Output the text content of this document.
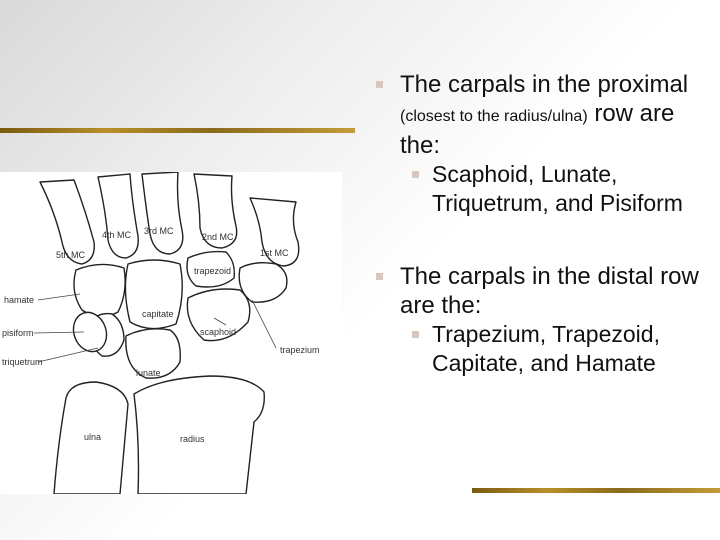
4th MC 3rd MC
2nd MC
1st MC
5th MC
trapezoid
hamate
capitate
pisiform	scaphoid
trapezium
triquetrum
lunate
ulna	radius
The carpals in the proximal (closest to the radius/ulna) row are the:
Scaphoid, Lunate, Triquetrum, and Pisiform
The carpals in the distal row are the:
Trapezium, Trapezoid, Capitate, and Hamate
